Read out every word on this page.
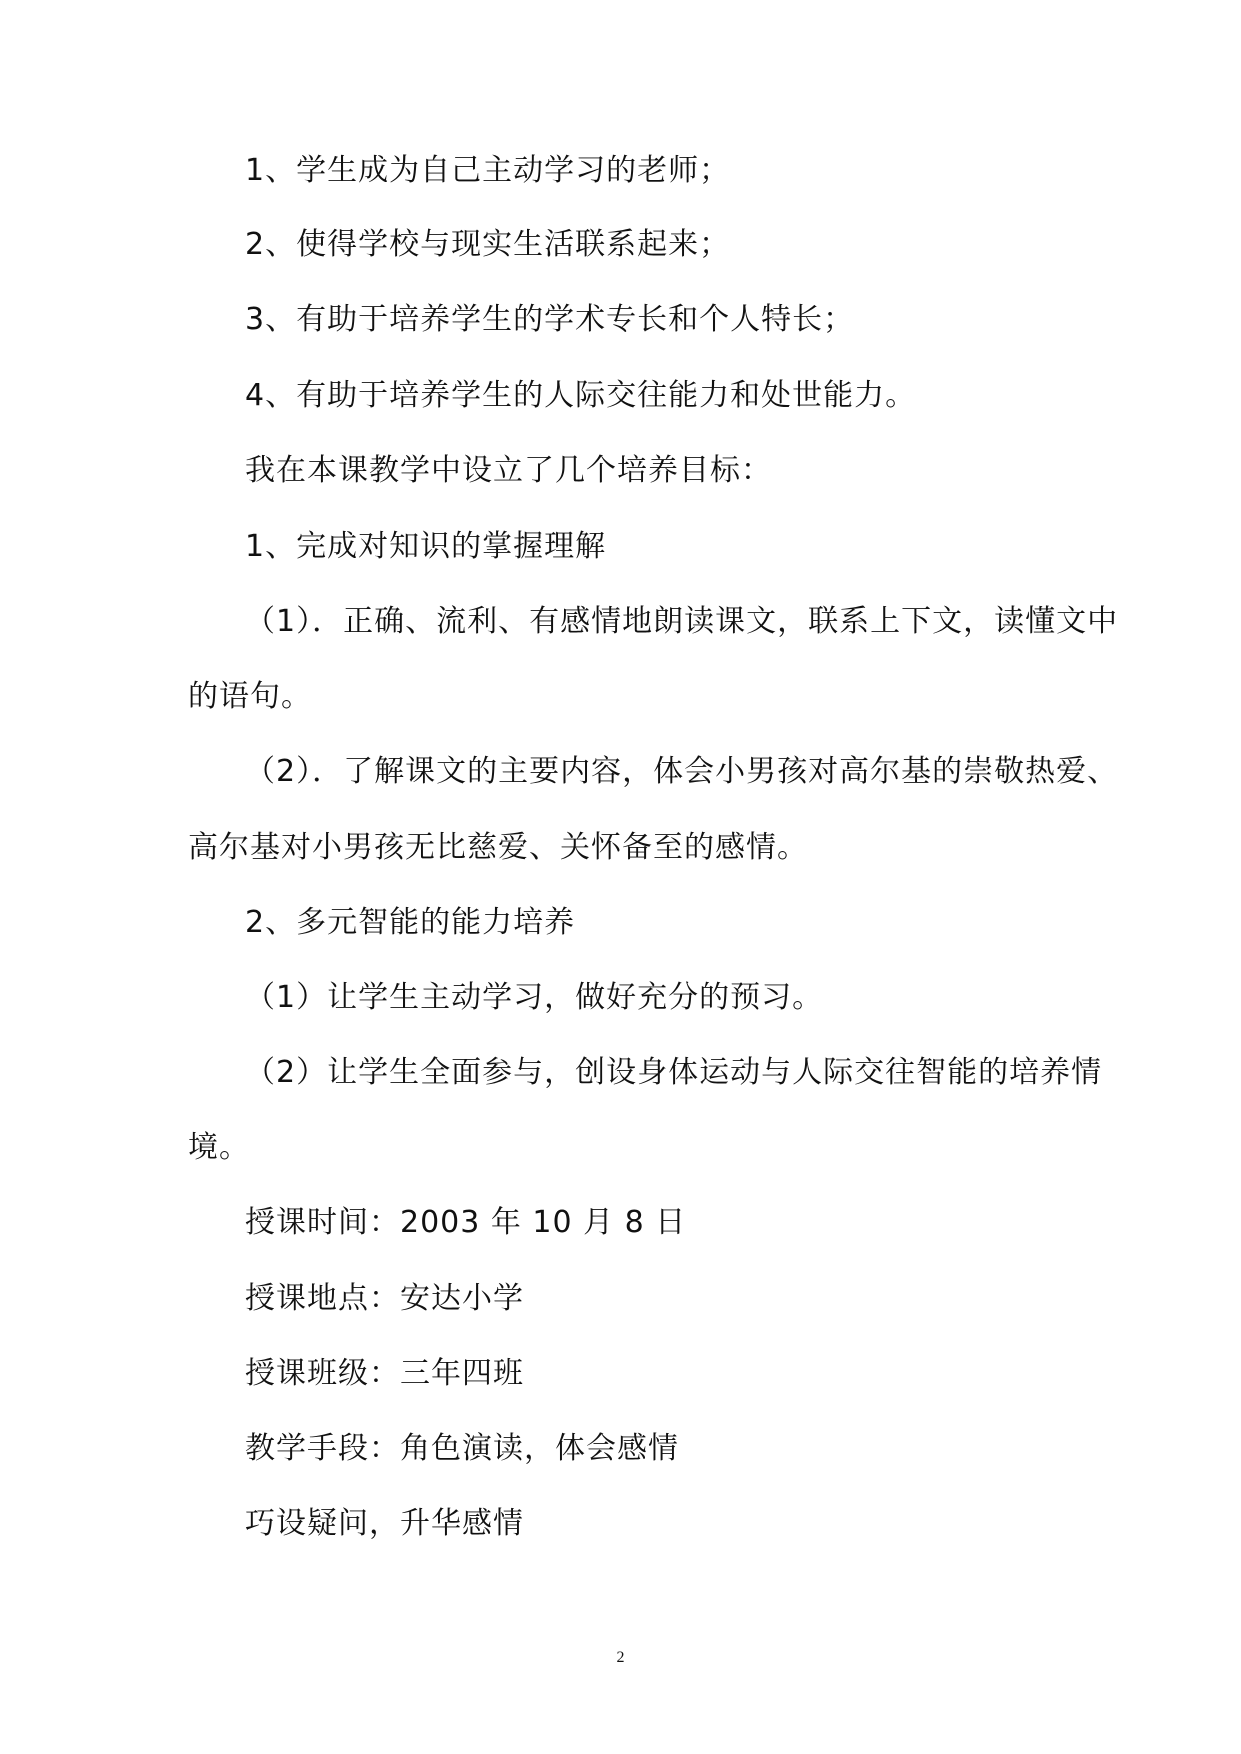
1、学生成为自己主动学习的老师；
2、使得学校与现实生活联系起来；
3、有助于培养学生的学术专长和个人特长；
4、有助于培养学生的人际交往能力和处世能力。
我在本课教学中设立了几个培养目标：
1、完成对知识的掌握理解
（1）．正确、流利、有感情地朗读课文，联系上下文，读懂文中
的语句。
（2）．了解课文的主要内容，体会小男孩对高尔基的崇敬热爱、
高尔基对小男孩无比慈爱、关怀备至的感情。
2、多元智能的能力培养
（1）让学生主动学习，做好充分的预习。
（2）让学生全面参与，创设身体运动与人际交往智能的培养情
境。
授课时间：2003 年 10 月 8 日
授课地点：安达小学
授课班级：三年四班
教学手段：角色演读，体会感情
巧设疑问，升华感情
2
